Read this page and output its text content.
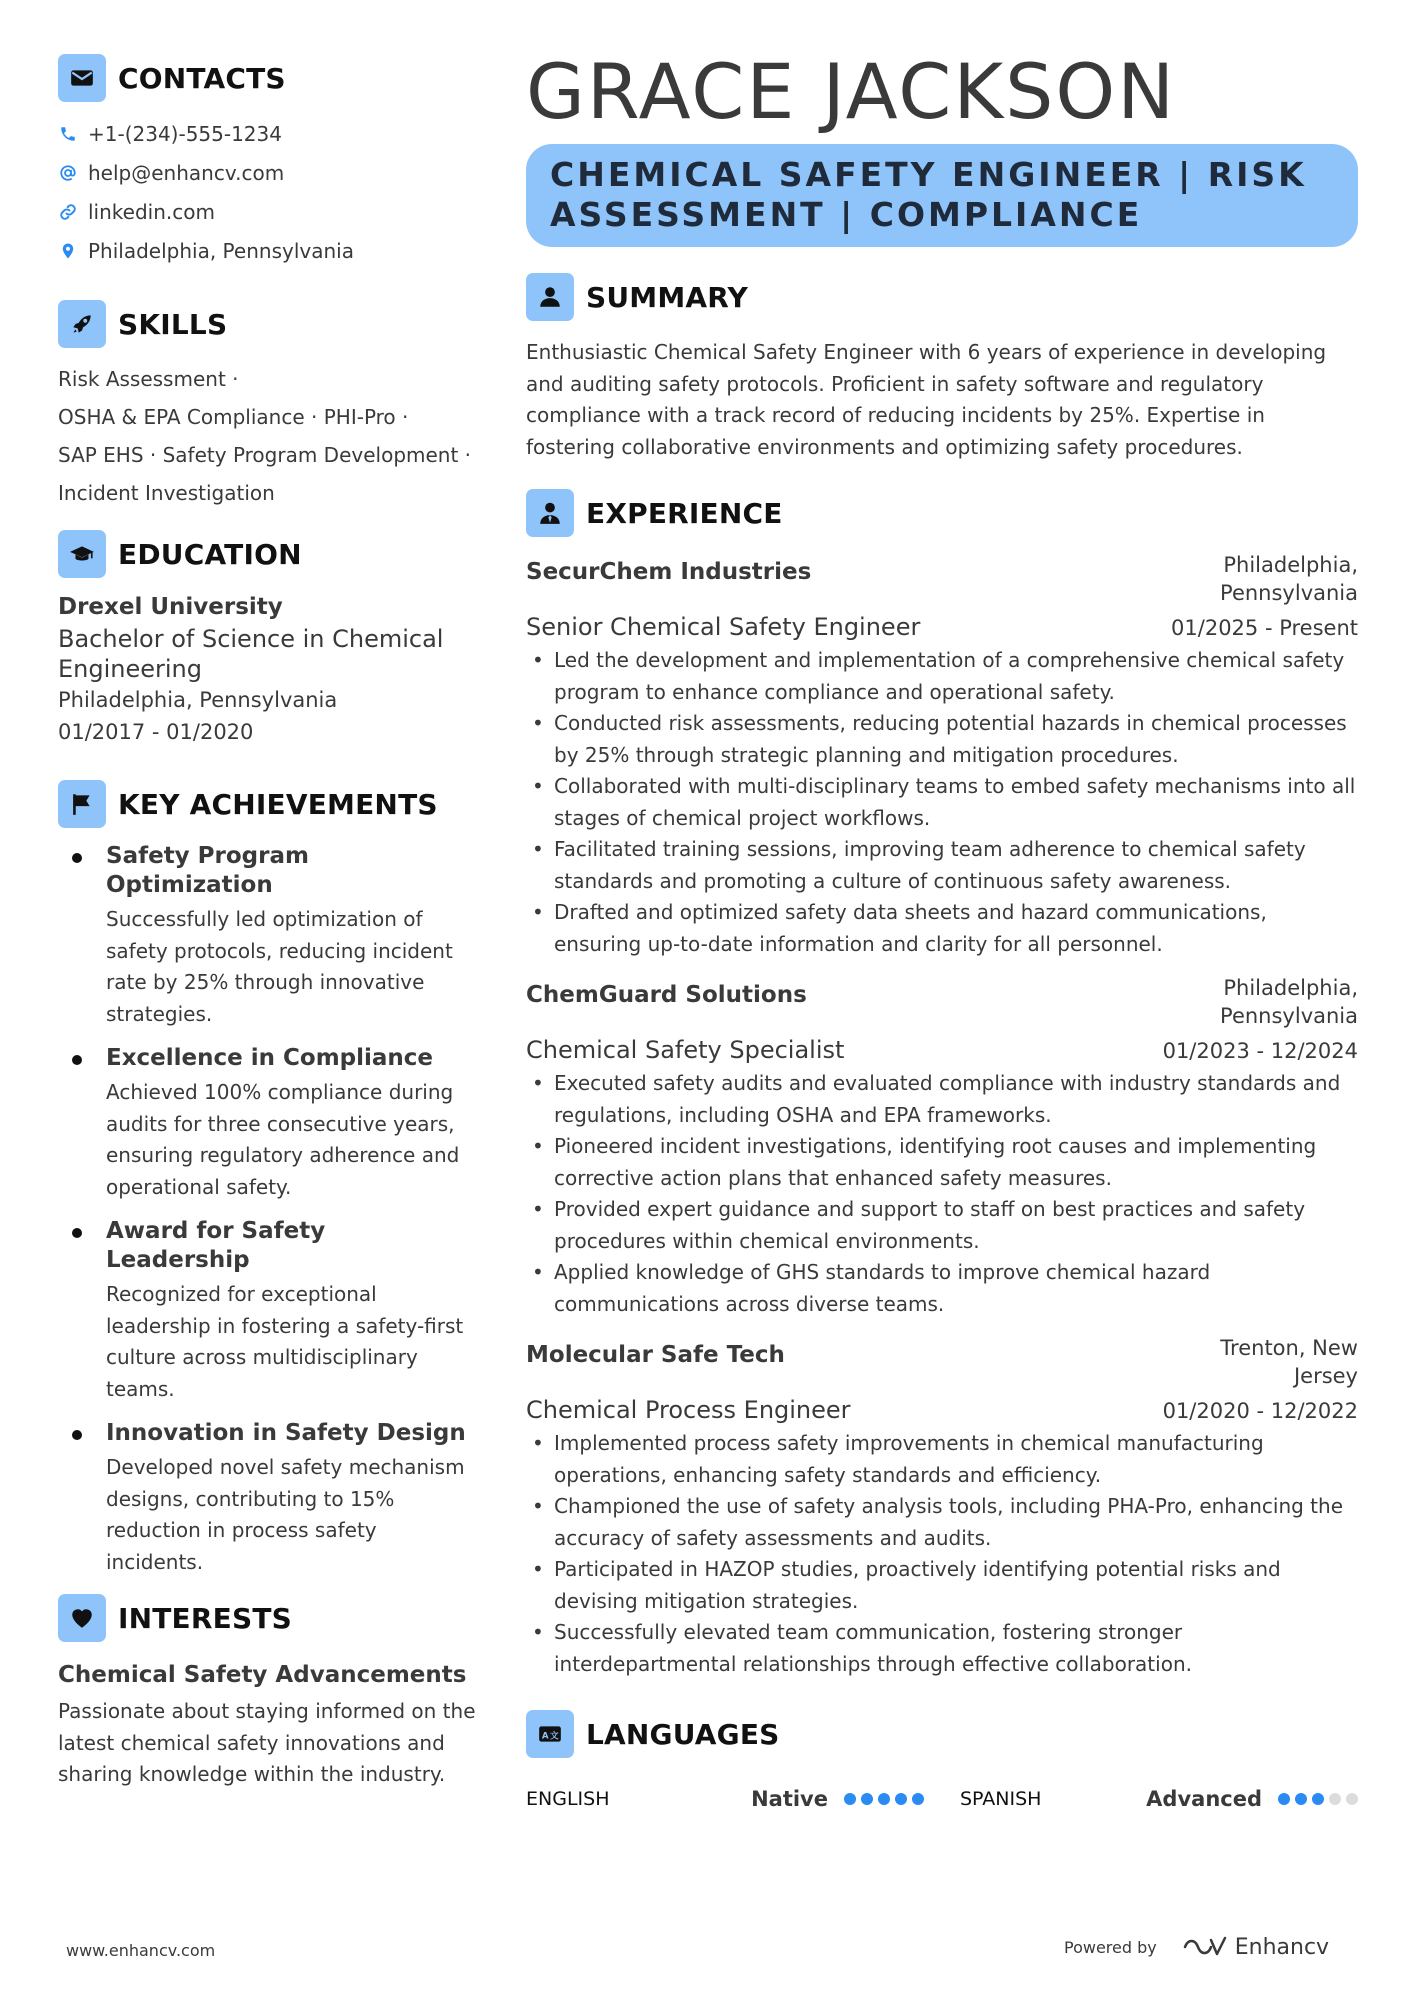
CONTACTS
+1-(234)-555-1234
help@enhancv.com
linkedin.com
Philadelphia, Pennsylvania
SKILLS
Risk Assessment ·
OSHA & EPA Compliance · PHI-Pro ·
SAP EHS · Safety Program Development ·
Incident Investigation
EDUCATION
Drexel University
Bachelor of Science in Chemical Engineering
Philadelphia, Pennsylvania
01/2017 - 01/2020
KEY ACHIEVEMENTS
Safety Program Optimization
Successfully led optimization of safety protocols, reducing incident rate by 25% through innovative strategies.
Excellence in Compliance
Achieved 100% compliance during audits for three consecutive years, ensuring regulatory adherence and operational safety.
Award for Safety Leadership
Recognized for exceptional leadership in fostering a safety-first culture across multidisciplinary teams.
Innovation in Safety Design
Developed novel safety mechanism designs, contributing to 15% reduction in process safety incidents.
INTERESTS
Chemical Safety Advancements
Passionate about staying informed on the latest chemical safety innovations and sharing knowledge within the industry.
GRACE JACKSON
CHEMICAL SAFETY ENGINEER | RISK ASSESSMENT | COMPLIANCE
SUMMARY
Enthusiastic Chemical Safety Engineer with 6 years of experience in developing and auditing safety protocols. Proficient in safety software and regulatory compliance with a track record of reducing incidents by 25%. Expertise in fostering collaborative environments and optimizing safety procedures.
EXPERIENCE
SecurChem Industries	Philadelphia, Pennsylvania
Senior Chemical Safety Engineer	01/2025 - Present
• Led the development and implementation of a comprehensive chemical safety program to enhance compliance and operational safety.
• Conducted risk assessments, reducing potential hazards in chemical processes by 25% through strategic planning and mitigation procedures.
• Collaborated with multi-disciplinary teams to embed safety mechanisms into all stages of chemical project workflows.
• Facilitated training sessions, improving team adherence to chemical safety standards and promoting a culture of continuous safety awareness.
• Drafted and optimized safety data sheets and hazard communications, ensuring up-to-date information and clarity for all personnel.
ChemGuard Solutions	Philadelphia, Pennsylvania
Chemical Safety Specialist	01/2023 - 12/2024
• Executed safety audits and evaluated compliance with industry standards and regulations, including OSHA and EPA frameworks.
• Pioneered incident investigations, identifying root causes and implementing corrective action plans that enhanced safety measures.
• Provided expert guidance and support to staff on best practices and safety procedures within chemical environments.
• Applied knowledge of GHS standards to improve chemical hazard communications across diverse teams.
Molecular Safe Tech	Trenton, New Jersey
Chemical Process Engineer	01/2020 - 12/2022
• Implemented process safety improvements in chemical manufacturing operations, enhancing safety standards and efficiency.
• Championed the use of safety analysis tools, including PHA-Pro, enhancing the accuracy of safety assessments and audits.
• Participated in HAZOP studies, proactively identifying potential risks and devising mitigation strategies.
• Successfully elevated team communication, fostering stronger interdepartmental relationships through effective collaboration.
A 文 LANGUAGES
ENGLISH	Native	SPANISH	Advanced
www.enhancv.com	Powered by	Enhancv
